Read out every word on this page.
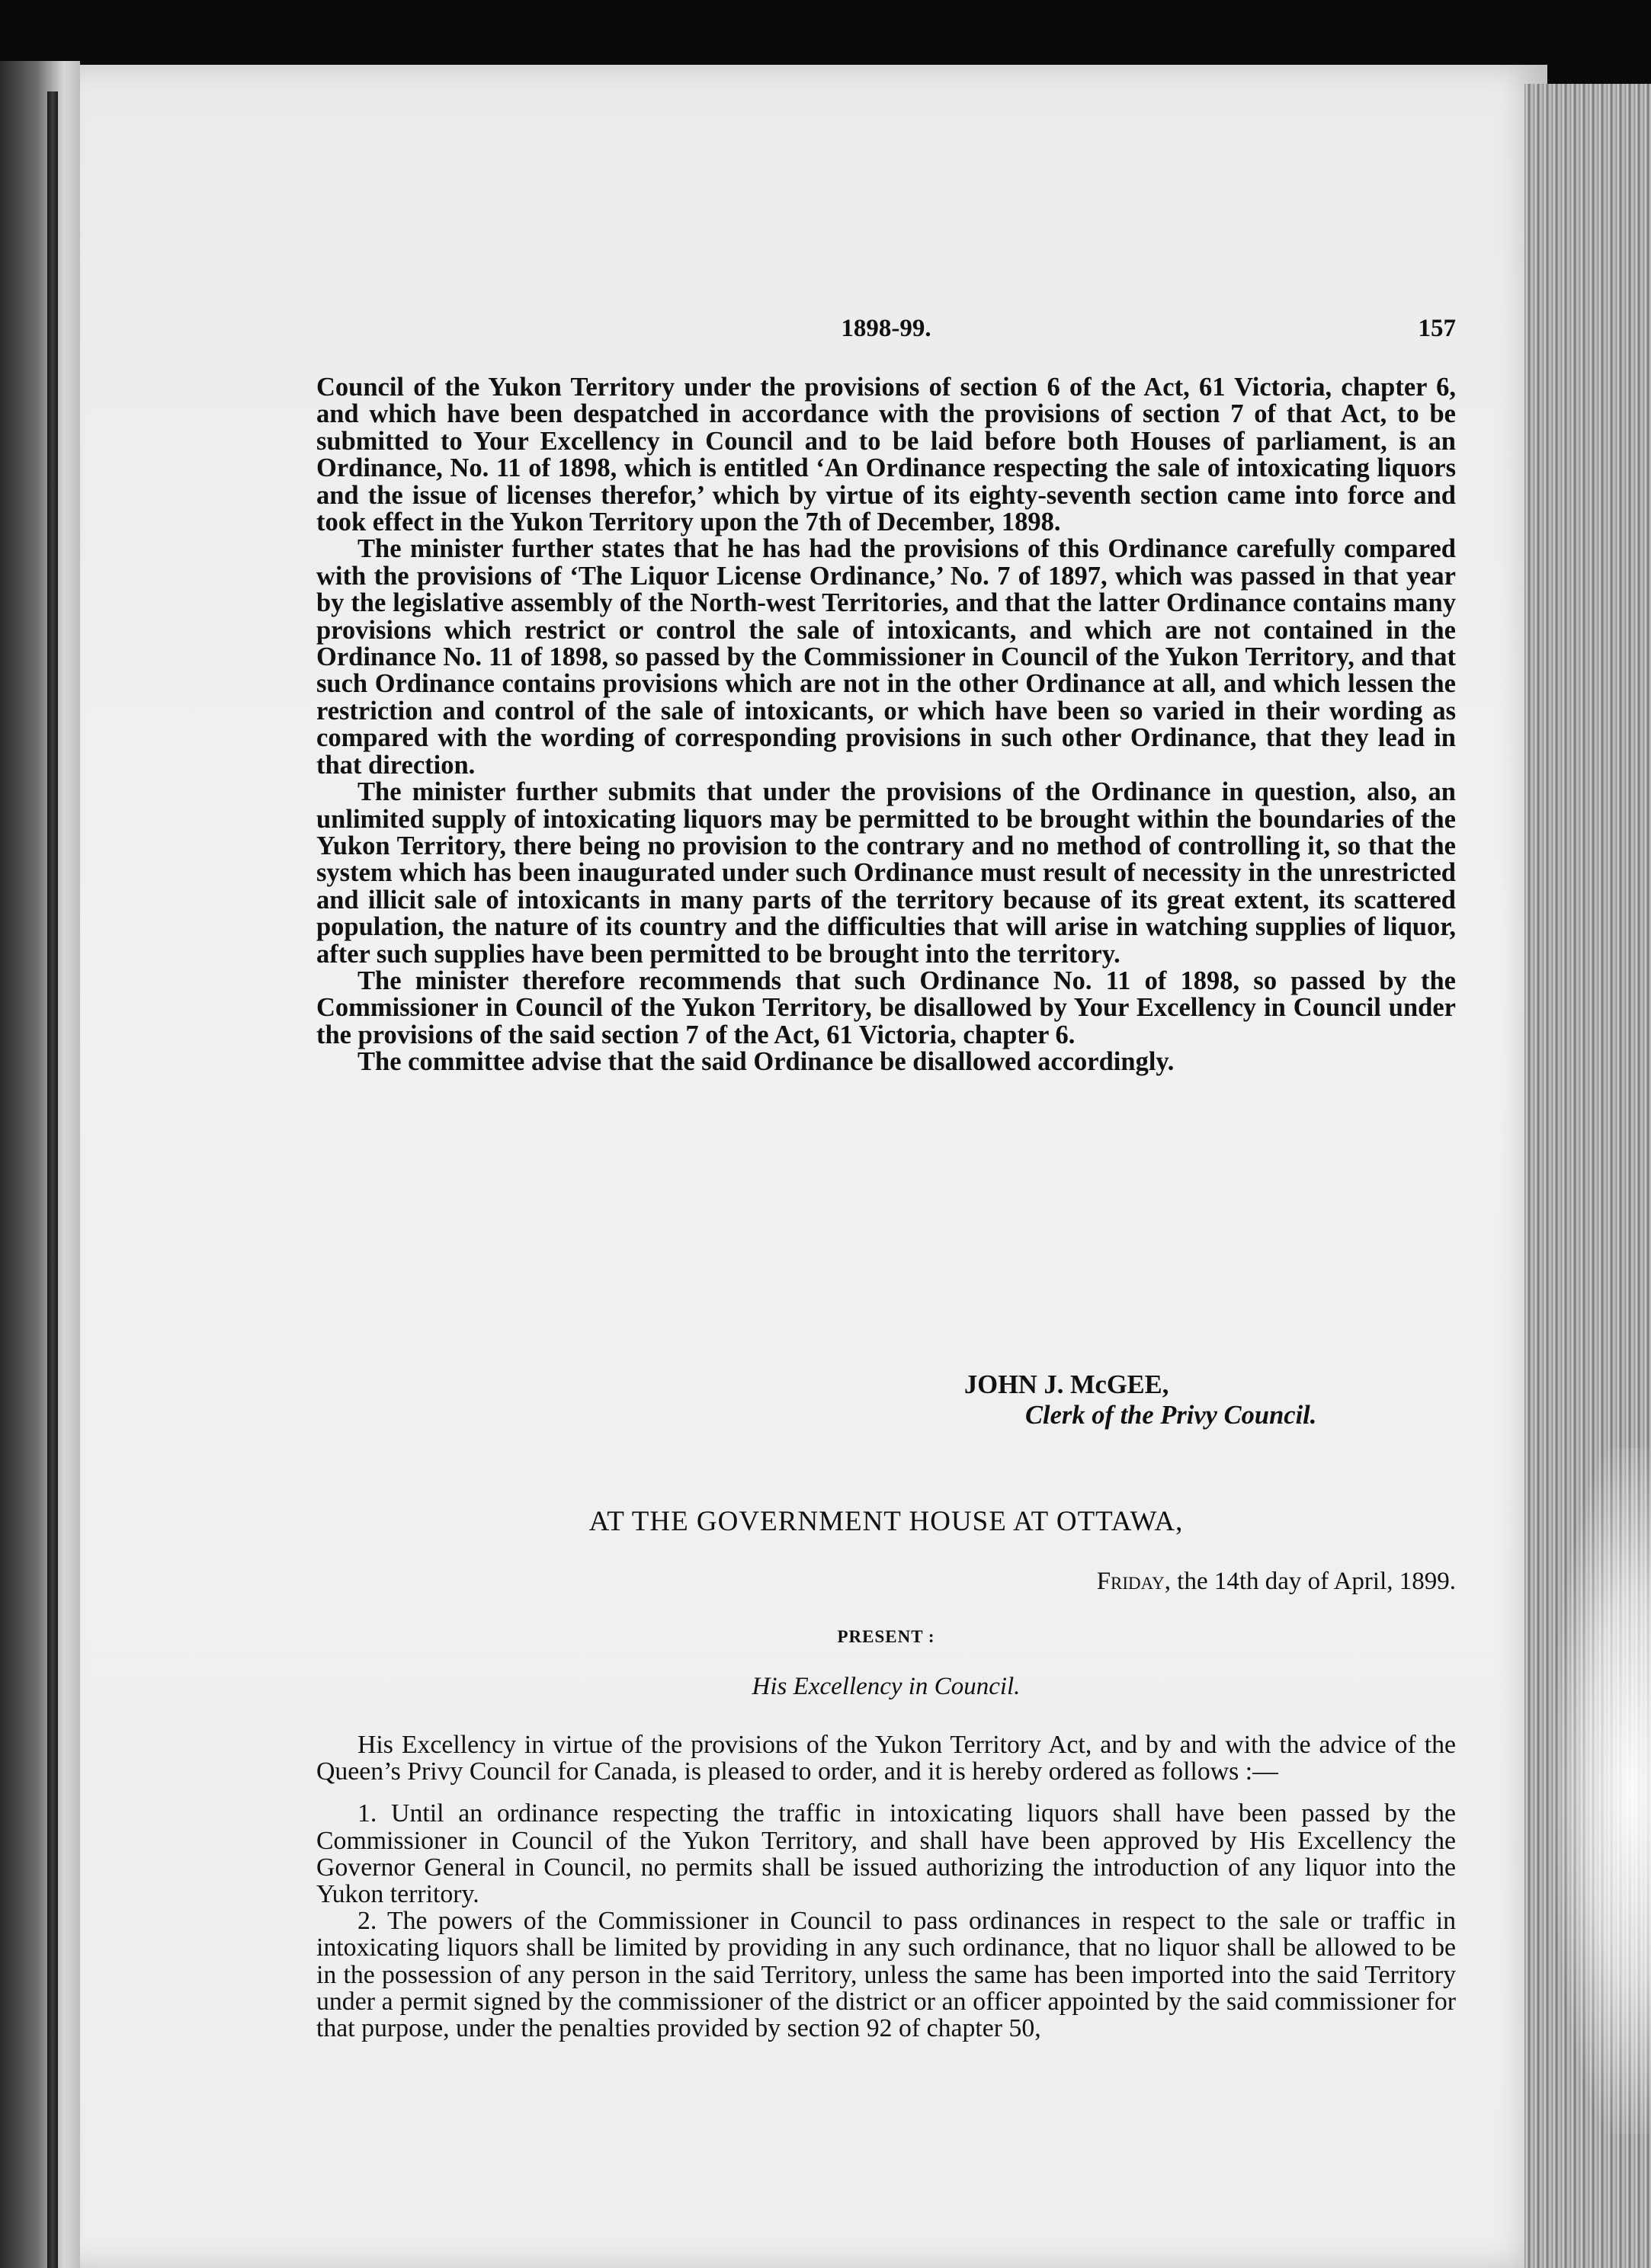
1898-99.	157

Council of the Yukon Territory under the provisions of section 6 of the Act, 61 Victoria, chapter 6, and which have been despatched in accordance with the provisions of section 7 of that Act, to be submitted to Your Excellency in Council and to be laid before both Houses of parliament, is an Ordinance, No. 11 of 1898, which is entitled ‘An Ordinance respecting the sale of intoxicating liquors and the issue of licenses therefor,’ which by virtue of its eighty-seventh section came into force and took effect in the Yukon Territory upon the 7th of December, 1898.

The minister further states that he has had the provisions of this Ordinance carefully compared with the provisions of ‘The Liquor License Ordinance,’ No. 7 of 1897, which was passed in that year by the legislative assembly of the North-west Territories, and that the latter Ordinance contains many provisions which restrict or control the sale of intoxicants, and which are not contained in the Ordinance No. 11 of 1898, so passed by the Commissioner in Council of the Yukon Territory, and that such Ordinance contains provisions which are not in the other Ordinance at all, and which lessen the restriction and control of the sale of intoxicants, or which have been so varied in their wording as compared with the wording of corresponding provisions in such other Ordinance, that they lead in that direction.

The minister further submits that under the provisions of the Ordinance in question, also, an unlimited supply of intoxicating liquors may be permitted to be brought within the boundaries of the Yukon Territory, there being no provision to the contrary and no method of controlling it, so that the system which has been inaugurated under such Ordinance must result of necessity in the unrestricted and illicit sale of intoxicants in many parts of the territory because of its great extent, its scattered population, the nature of its country and the difficulties that will arise in watching supplies of liquor, after such supplies have been permitted to be brought into the territory.

The minister therefore recommends that such Ordinance No. 11 of 1898, so passed by the Commissioner in Council of the Yukon Territory, be disallowed by Your Excellency in Council under the provisions of the said section 7 of the Act, 61 Victoria, chapter 6.

The committee advise that the said Ordinance be disallowed accordingly.

JOHN J. McGEE,
Clerk of the Privy Council.
AT THE GOVERNMENT HOUSE AT OTTAWA,
Friday, the 14th day of April, 1899.
PRESENT :
His Excellency in Council.

His Excellency in virtue of the provisions of the Yukon Territory Act, and by and with the advice of the Queen’s Privy Council for Canada, is pleased to order, and it is hereby ordered as follows :—

1. Until an ordinance respecting the traffic in intoxicating liquors shall have been passed by the Commissioner in Council of the Yukon Territory, and shall have been approved by His Excellency the Governor General in Council, no permits shall be issued authorizing the introduction of any liquor into the Yukon territory.

2. The powers of the Commissioner in Council to pass ordinances in respect to the sale or traffic in intoxicating liquors shall be limited by providing in any such ordinance, that no liquor shall be allowed to be in the possession of any person in the said Territory, unless the same has been imported into the said Territory under a permit signed by the commissioner of the district or an officer appointed by the said commissioner for that purpose, under the penalties provided by section 92 of chapter 50,
